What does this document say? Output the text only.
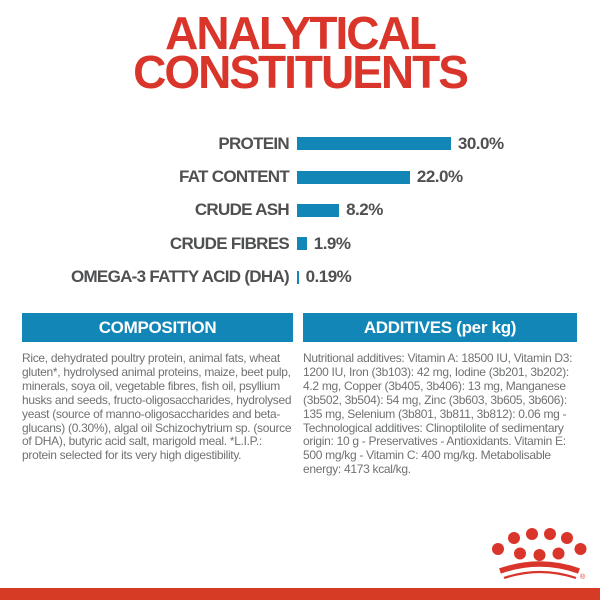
ANALYTICAL
CONSTITUENTS
PROTEIN	30.0%
FAT CONTENT	22.0%
CRUDE ASH	8.2%
CRUDE FIBRES 1.9%
OMEGA-3 FATTY ACID (DHA) 0.19%
COMPOSITION

Rice, dehydrated poultry protein, animal fats, wheat gluten*, hydrolysed animal proteins, maize, beet pulp, minerals, soya oil, vegetable fibres, fish oil, psyllium husks and seeds, fructo-oligosaccharides, hydrolysed yeast (source of manno-oligosaccharides and beta-glucans) (0.30%), algal oil Schizochytrium sp. (source of DHA), butyric acid salt, marigold meal. *L.I.P.: protein selected for its very high digestibility.

ADDITIVES (per kg)

Nutritional additives: Vitamin A: 18500 IU, Vitamin D3: 1200 IU, Iron (3b103): 42 mg, Iodine (3b201, 3b202): 4.2 mg, Copper (3b405, 3b406): 13 mg, Manganese (3b502, 3b504): 54 mg, Zinc (3b603, 3b605, 3b606): 135 mg, Selenium (3b801, 3b811, 3b812): 0.06 mg - Technological additives: Clinoptilolite of sedimentary origin: 10 g - Preservatives - Antioxidants. Vitamin E: 500 mg/kg - Vitamin C: 400 mg/kg. Metabolisable energy: 4173 kcal/kg.

®
